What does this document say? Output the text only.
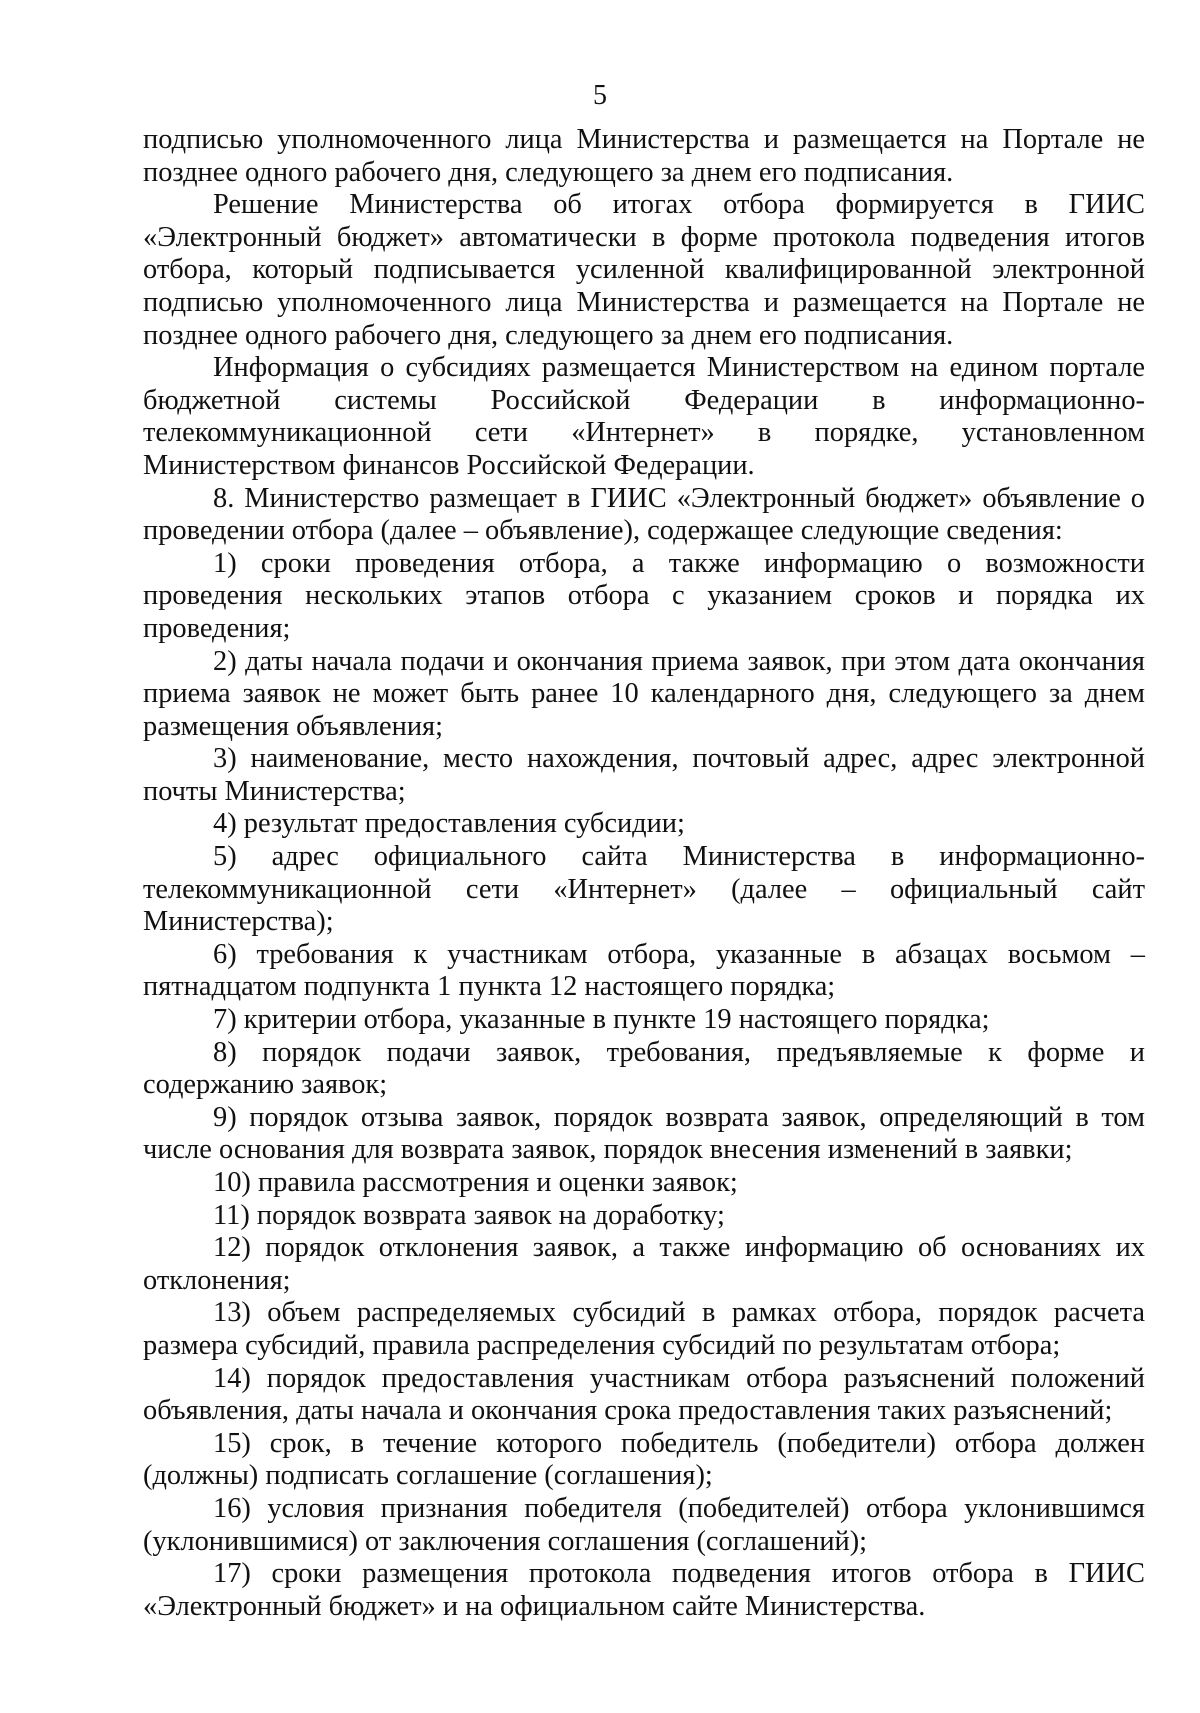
5

подписью уполномоченного лица Министерства и размещается на Портале не позднее одного рабочего дня, следующего за днем его подписания.

Решение Министерства об итогах отбора формируется в ГИИС «Электронный бюджет» автоматически в форме протокола подведения итогов отбора, который подписывается усиленной квалифицированной электронной подписью уполномоченного лица Министерства и размещается на Портале не позднее одного рабочего дня, следующего за днем его подписания.

Информация о субсидиях размещается Министерством на едином портале бюджетной системы Российской Федерации в информационно-телекоммуникационной сети «Интернет» в порядке, установленном Министерством финансов Российской Федерации.

8. Министерство размещает в ГИИС «Электронный бюджет» объявление о проведении отбора (далее – объявление), содержащее следующие сведения:

1) сроки проведения отбора, а также информацию о возможности проведения нескольких этапов отбора с указанием сроков и порядка их проведения;

2) даты начала подачи и окончания приема заявок, при этом дата окончания приема заявок не может быть ранее 10 календарного дня, следующего за днем размещения объявления;

3) наименование, место нахождения, почтовый адрес, адрес электронной почты Министерства;

4) результат предоставления субсидии;

5) адрес официального сайта Министерства в информационно-телекоммуникационной сети «Интернет» (далее – официальный сайт Министерства);

6) требования к участникам отбора, указанные в абзацах восьмом – пятнадцатом подпункта 1 пункта 12 настоящего порядка;

7) критерии отбора, указанные в пункте 19 настоящего порядка;

8) порядок подачи заявок, требования, предъявляемые к форме и содержанию заявок;

9) порядок отзыва заявок, порядок возврата заявок, определяющий в том числе основания для возврата заявок, порядок внесения изменений в заявки;

10) правила рассмотрения и оценки заявок;

11) порядок возврата заявок на доработку;

12) порядок отклонения заявок, а также информацию об основаниях их отклонения;

13) объем распределяемых субсидий в рамках отбора, порядок расчета размера субсидий, правила распределения субсидий по результатам отбора;

14) порядок предоставления участникам отбора разъяснений положений объявления, даты начала и окончания срока предоставления таких разъяснений;

15) срок, в течение которого победитель (победители) отбора должен (должны) подписать соглашение (соглашения);

16) условия признания победителя (победителей) отбора уклонившимся (уклонившимися) от заключения соглашения (соглашений);

17) сроки размещения протокола подведения итогов отбора в ГИИС «Электронный бюджет» и на официальном сайте Министерства.
